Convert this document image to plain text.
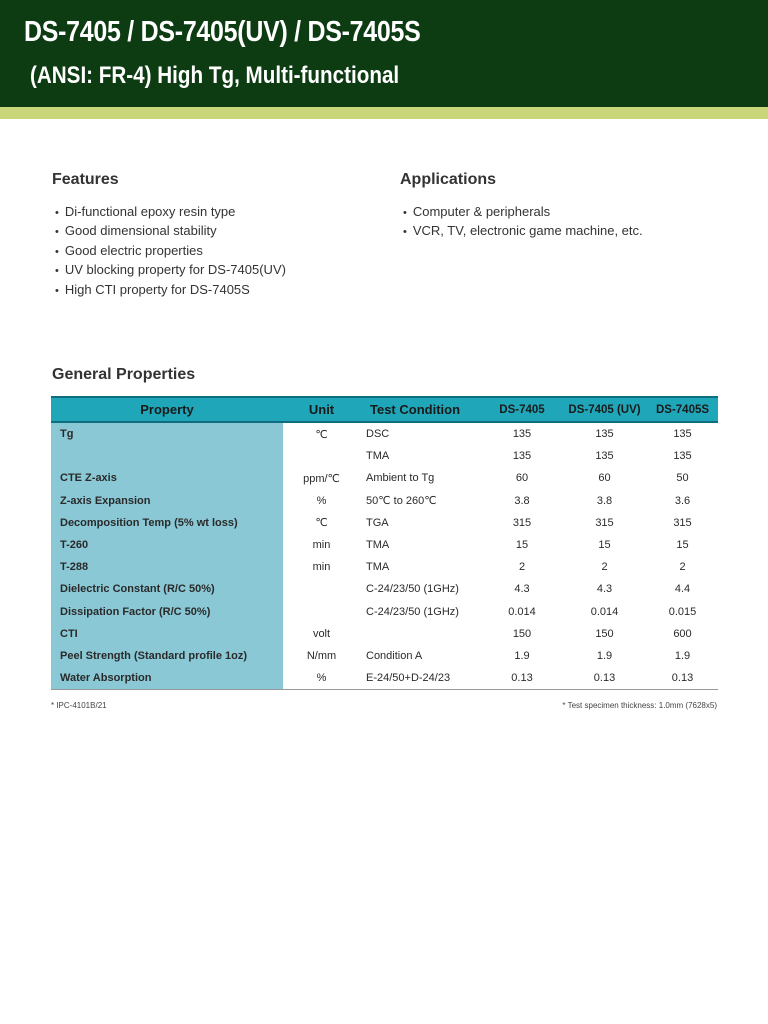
DS-7405 / DS-7405(UV) / DS-7405S
(ANSI: FR-4) High Tg, Multi-functional
Features
• Di-functional epoxy resin type
• Good dimensional stability
• Good electric properties
• UV blocking property for DS-7405(UV)
• High CTI property for DS-7405S
Applications
• Computer & peripherals
• VCR, TV, electronic game machine, etc.
General Properties
Property	Unit	Test Condition	DS-7405	DS-7405 (UV)	DS-7405S
Tg	℃	DSC	135	135	135
		TMA	135	135	135
CTE Z-axis	ppm/℃	Ambient to Tg	60	60	50
Z-axis Expansion	%	50℃ to 260℃	3.8	3.8	3.6
Decomposition Temp (5% wt loss)	℃	TGA	315	315	315
T-260	min	TMA	15	15	15
T-288	min	TMA	2	2	2
Dielectric Constant (R/C 50%)		C-24/23/50 (1GHz)	4.3	4.3	4.4
Dissipation Factor (R/C 50%)		C-24/23/50 (1GHz)	0.014	0.014	0.015
CTI	volt		150	150	600
Peel Strength (Standard profile 1oz)	N/mm	Condition A	1.9	1.9	1.9
Water Absorption	%	E-24/50+D-24/23	0.13	0.13	0.13
* IPC-4101B/21	* Test specimen thickness: 1.0mm (7628x5)
